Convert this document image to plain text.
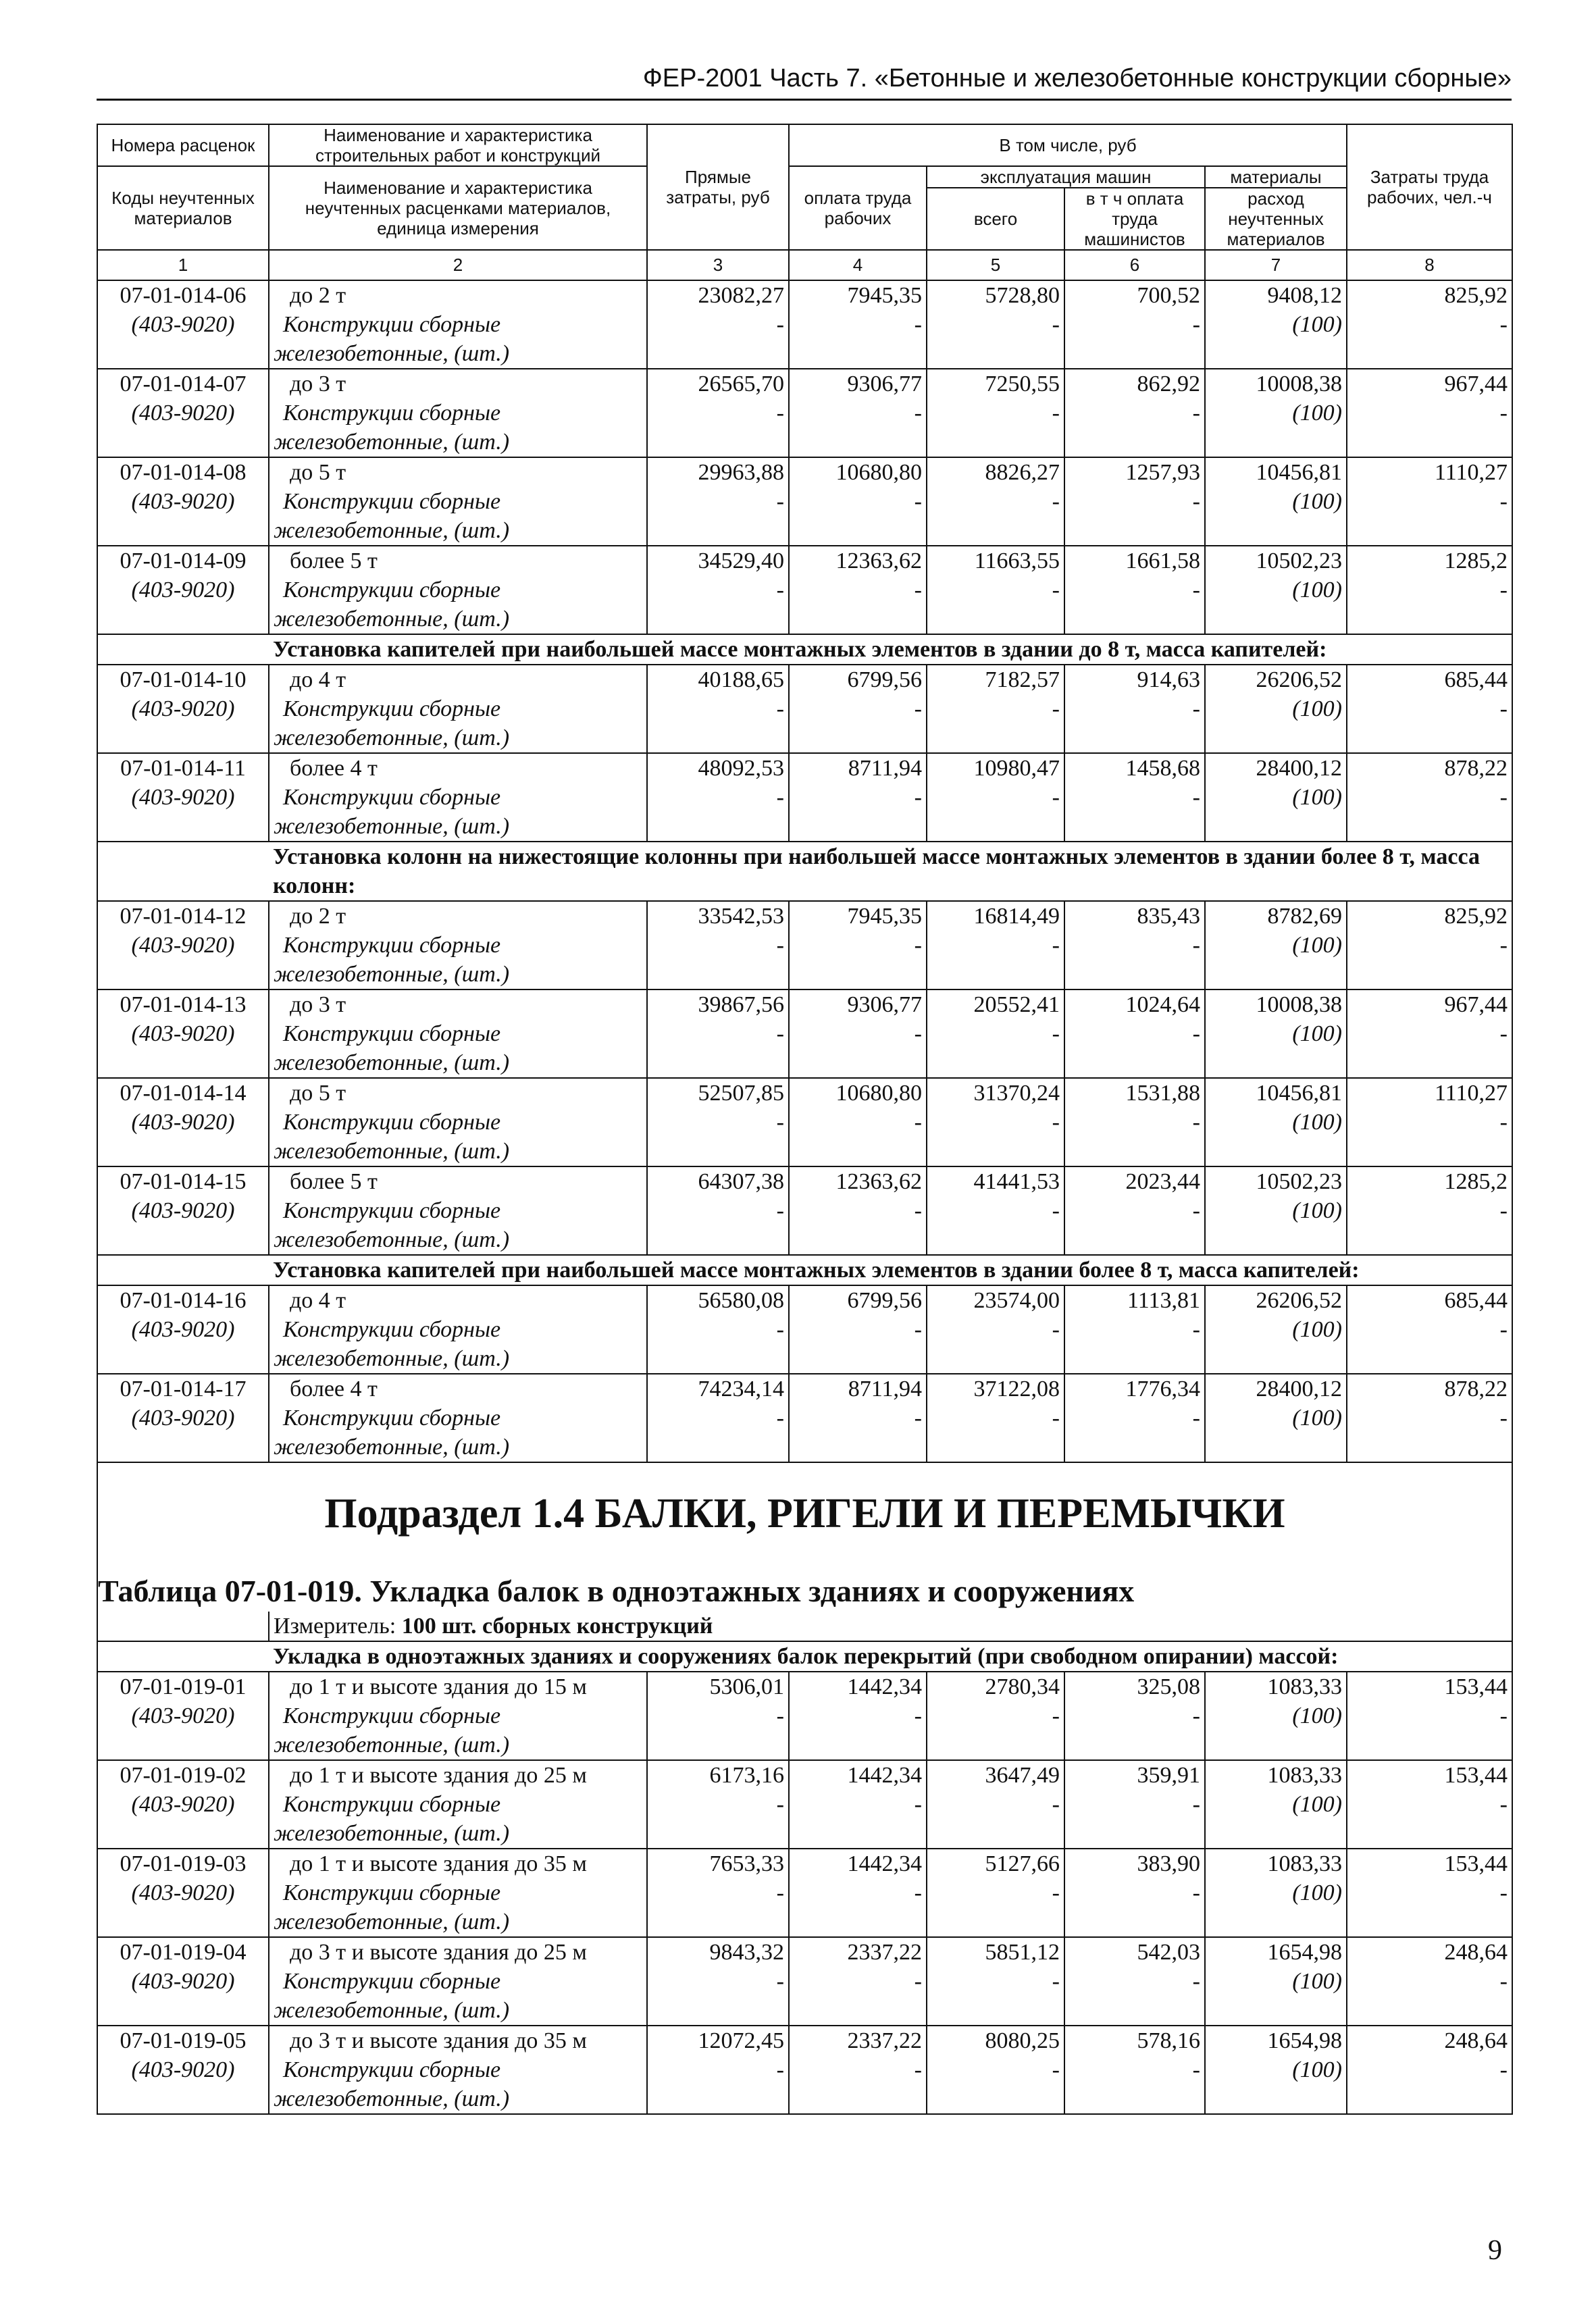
ФЕР-2001 Часть 7. «Бетонные и железобетонные конструкции сборные»
Номера расценок	Наименование и характеристика строительных работ и конструкций	Прямые затраты, руб	В том числе, руб				Затраты труда рабочих, чел.-ч
Коды неучтенных материалов	Наименование и характеристика неучтенных расценками материалов, единица измерения		оплата труда рабочих	эксплуатация машин		материалы	
				всего	в т ч оплата труда машинистов	расход неучтенных материалов	
1	2	3	4	5	6	7	8
07-01-014-06	до 2 т	23082,27	7945,35	5728,80	700,52	9408,12	825,92
(403-9020)	Конструкции сборные	-	-	-	-	(100)	-
	железобетонные, (шт.)						
07-01-014-07	до 3 т	26565,70	9306,77	7250,55	862,92	10008,38	967,44
(403-9020)	Конструкции сборные	-	-	-	-	(100)	-
	железобетонные, (шт.)						
07-01-014-08	до 5 т	29963,88	10680,80	8826,27	1257,93	10456,81	1110,27
(403-9020)	Конструкции сборные	-	-	-	-	(100)	-
	железобетонные, (шт.)						
07-01-014-09	более 5 т	34529,40	12363,62	11663,55	1661,58	10502,23	1285,2
(403-9020)	Конструкции сборные	-	-	-	-	(100)	-
	железобетонные, (шт.)						
	Установка капителей при наибольшей массе монтажных элементов в здании до 8 т, масса капителей:						
07-01-014-10	до 4 т	40188,65	6799,56	7182,57	914,63	26206,52	685,44
(403-9020)	Конструкции сборные	-	-	-	-	(100)	-
	железобетонные, (шт.)						
07-01-014-11	более 4 т	48092,53	8711,94	10980,47	1458,68	28400,12	878,22
(403-9020)	Конструкции сборные	-	-	-	-	(100)	-
	железобетонные, (шт.)						
	Установка колонн на нижестоящие колонны при наибольшей массе монтажных элементов в здании более 8 т, масса колонн:						
07-01-014-12	до 2 т	33542,53	7945,35	16814,49	835,43	8782,69	825,92
(403-9020)	Конструкции сборные	-	-	-	-	(100)	-
	железобетонные, (шт.)						
07-01-014-13	до 3 т	39867,56	9306,77	20552,41	1024,64	10008,38	967,44
(403-9020)	Конструкции сборные	-	-	-	-	(100)	-
	железобетонные, (шт.)						
07-01-014-14	до 5 т	52507,85	10680,80	31370,24	1531,88	10456,81	1110,27
(403-9020)	Конструкции сборные	-	-	-	-	(100)	-
	железобетонные, (шт.)						
07-01-014-15	более 5 т	64307,38	12363,62	41441,53	2023,44	10502,23	1285,2
(403-9020)	Конструкции сборные	-	-	-	-	(100)	-
	железобетонные, (шт.)						
	Установка капителей при наибольшей массе монтажных элементов в здании более 8 т, масса капителей:						
07-01-014-16	до 4 т	56580,08	6799,56	23574,00	1113,81	26206,52	685,44
(403-9020)	Конструкции сборные	-	-	-	-	(100)	-
	железобетонные, (шт.)						
07-01-014-17	более 4 т	74234,14	8711,94	37122,08	1776,34	28400,12	878,22
(403-9020)	Конструкции сборные	-	-	-	-	(100)	-
	железобетонные, (шт.)						
Подраздел 1.4 БАЛКИ, РИГЕЛИ И ПЕРЕМЫЧКИ							
Таблица 07-01-019. Укладка балок в одноэтажных зданиях и сооружениях							
	Измеритель: 100 шт. сборных конструкций						
	Укладка в одноэтажных зданиях и сооружениях балок перекрытий (при свободном опирании) массой:						
07-01-019-01	до 1 т и высоте здания до 15 м	5306,01	1442,34	2780,34	325,08	1083,33	153,44
(403-9020)	Конструкции сборные	-	-	-	-	(100)	-
	железобетонные, (шт.)						
07-01-019-02	до 1 т и высоте здания до 25 м	6173,16	1442,34	3647,49	359,91	1083,33	153,44
(403-9020)	Конструкции сборные	-	-	-	-	(100)	-
	железобетонные, (шт.)						
07-01-019-03	до 1 т и высоте здания до 35 м	7653,33	1442,34	5127,66	383,90	1083,33	153,44
(403-9020)	Конструкции сборные	-	-	-	-	(100)	-
	железобетонные, (шт.)						
07-01-019-04	до 3 т и высоте здания до 25 м	9843,32	2337,22	5851,12	542,03	1654,98	248,64
(403-9020)	Конструкции сборные	-	-	-	-	(100)	-
	железобетонные, (шт.)						
07-01-019-05	до 3 т и высоте здания до 35 м	12072,45	2337,22	8080,25	578,16	1654,98	248,64
(403-9020)	Конструкции сборные	-	-	-	-	(100)	-
	железобетонные, (шт.)						
9
